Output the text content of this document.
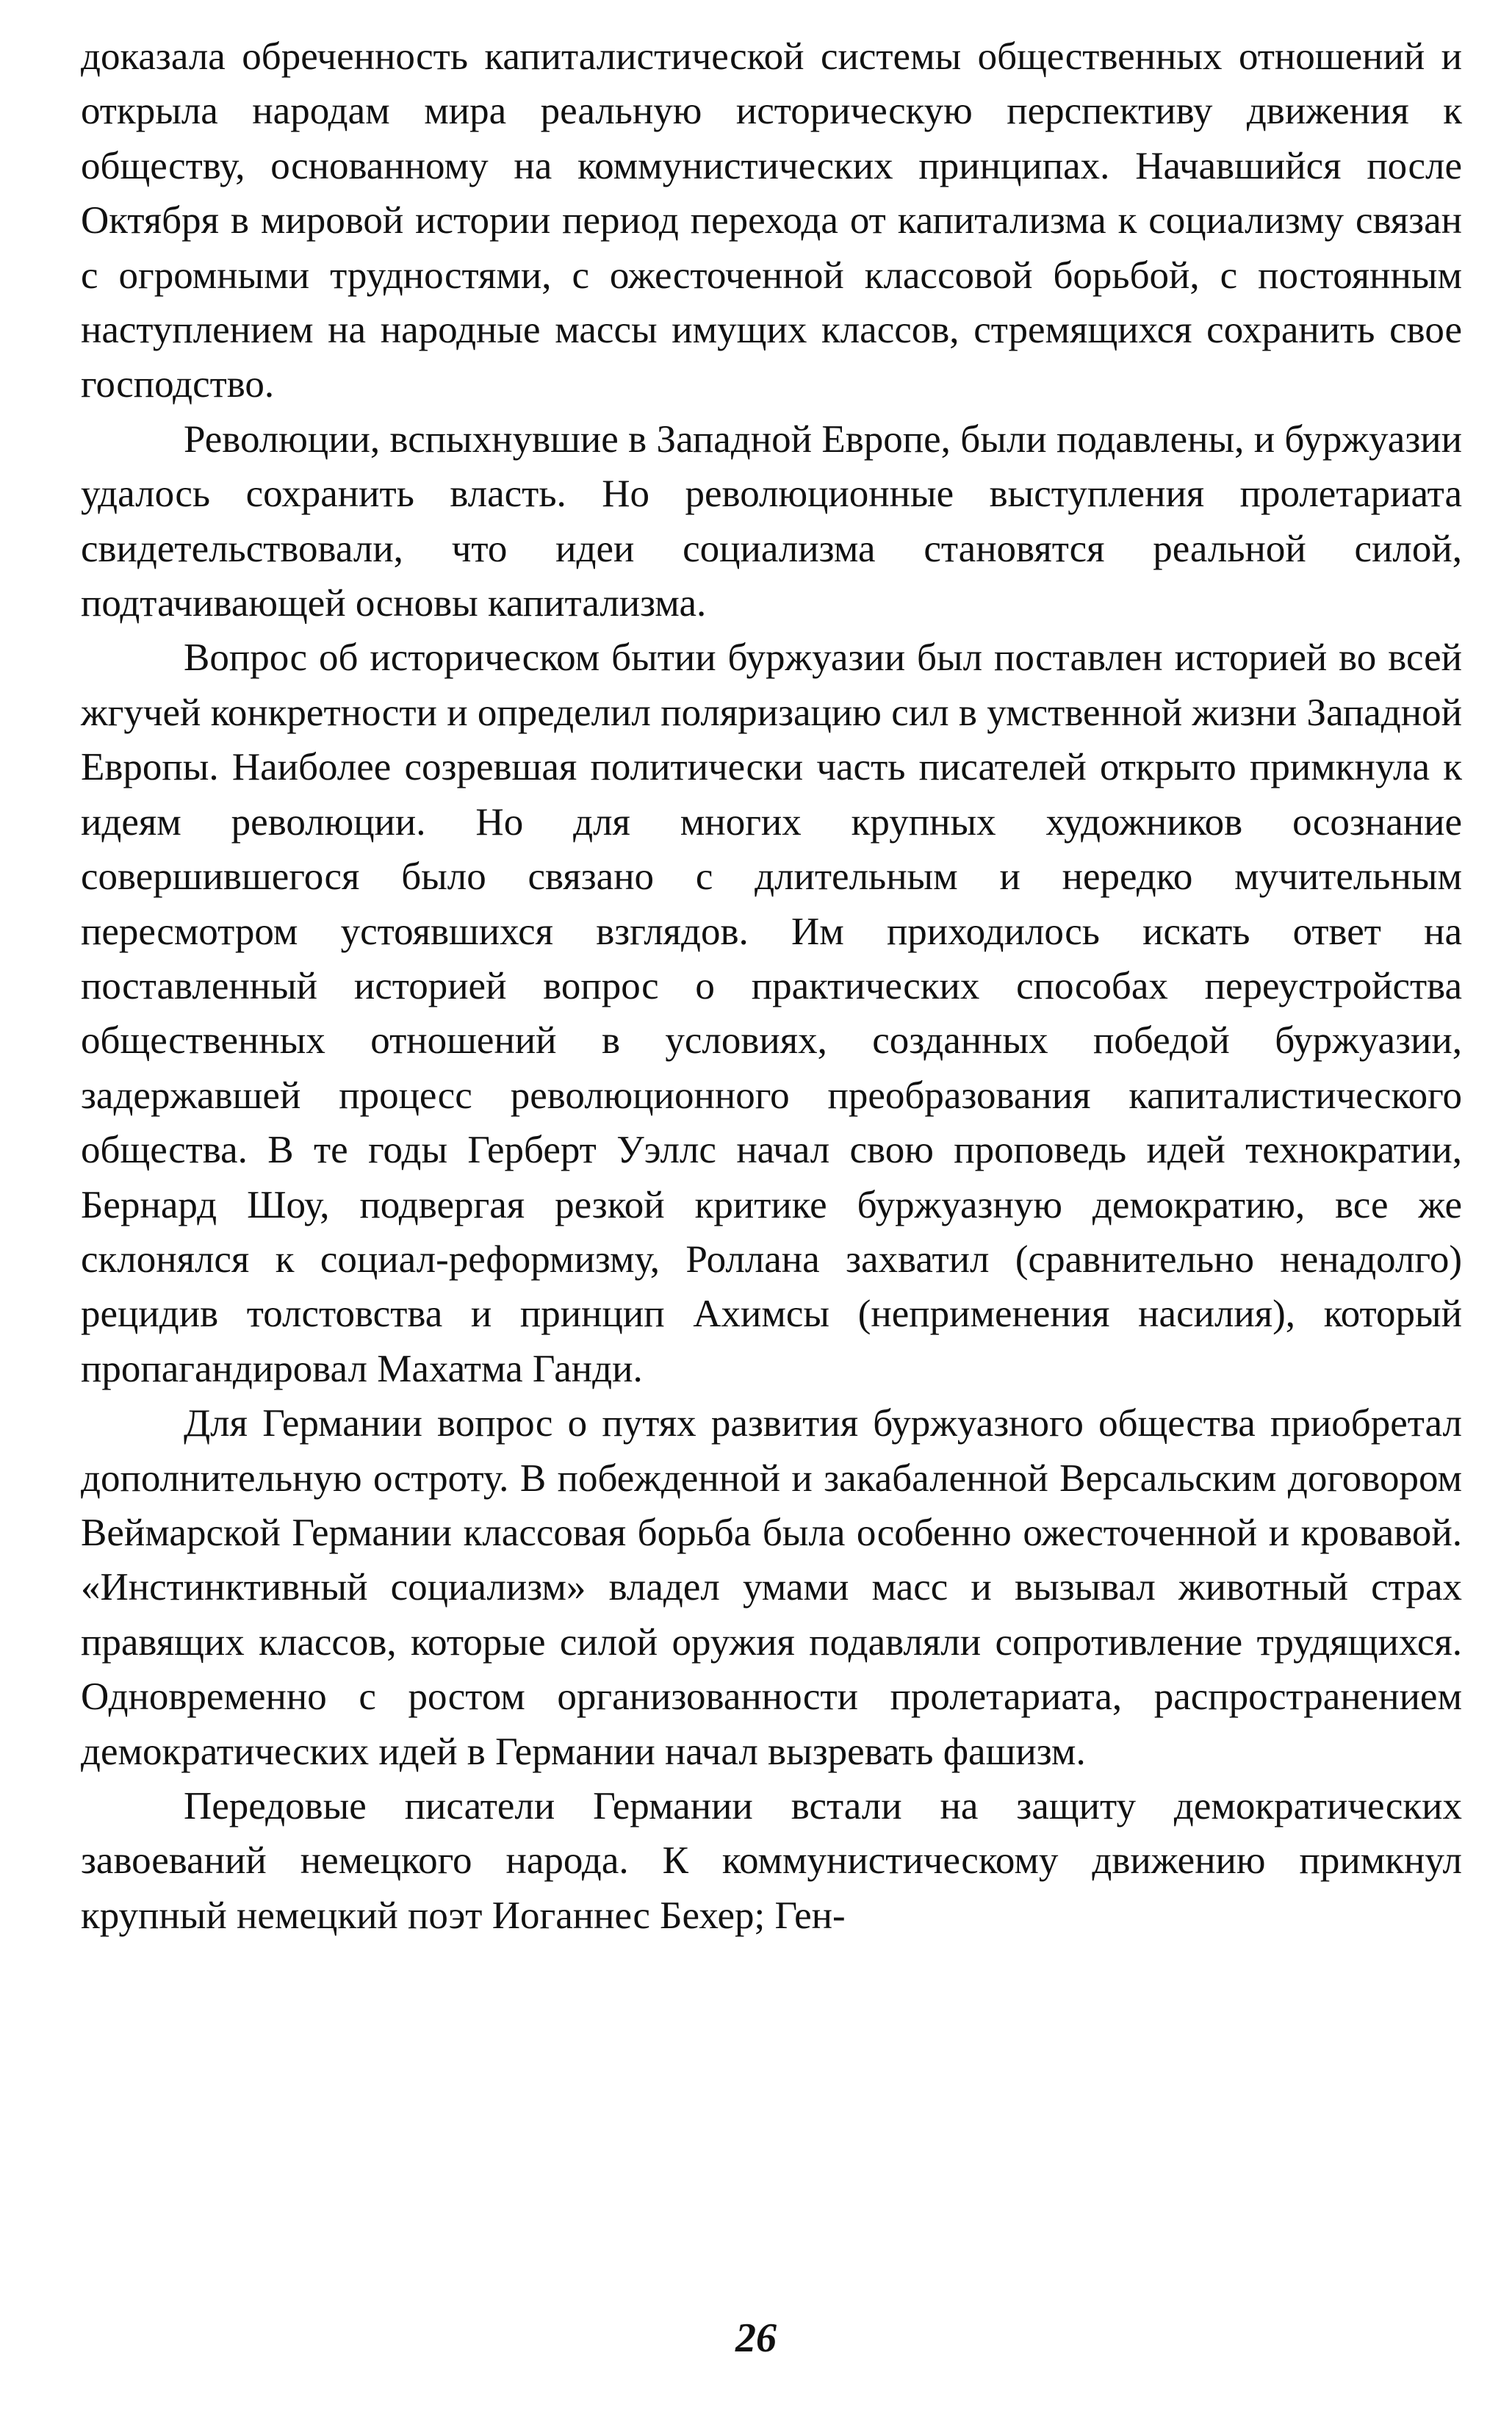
доказала обреченность капиталистической системы общественных отношений и открыла народам мира реальную историческую перспективу движения к обществу, основанному на коммунистических принципах. Начавшийся после Октября в мировой истории период перехода от капитализма к социализму связан с огромными трудностями, с ожесточенной классовой борьбой, с постоянным наступлением на народные массы имущих классов, стремящихся сохранить свое господство.

Революции, вспыхнувшие в Западной Европе, были подавлены, и буржуазии удалось сохранить власть. Но революционные выступления пролетариата свидетельствовали, что идеи социализма становятся реальной силой, подтачивающей основы капитализма.

Вопрос об историческом бытии буржуазии был поставлен историей во всей жгучей конкретности и определил поляризацию сил в умственной жизни Западной Европы. Наиболее созревшая политически часть писателей открыто примкнула к идеям революции. Но для многих крупных художников осознание совершившегося было связано с длительным и нередко мучительным пересмотром устоявшихся взглядов. Им приходилось искать ответ на поставленный историей вопрос о практических способах переустройства общественных отношений в условиях, созданных победой буржуазии, задержавшей процесс революционного преобразования капиталистического общества. В те годы Герберт Уэллс начал свою проповедь идей технократии, Бернард Шоу, подвергая резкой критике буржуазную демократию, все же склонялся к социал-реформизму, Роллана захватил (сравнительно ненадолго) рецидив толстовства и принцип Ахимсы (неприменения насилия), который пропагандировал Махатма Ганди.

Для Германии вопрос о путях развития буржуазного общества приобретал дополнительную остроту. В побежденной и закабаленной Версальским договором Веймарской Германии классовая борьба была особенно ожесточенной и кровавой. «Инстинктивный социализм» владел умами масс и вызывал животный страх правящих классов, которые силой оружия подавляли сопротивление трудящихся. Одновременно с ростом организованности пролетариата, распространением демократических идей в Германии начал вызревать фашизм.

Передовые писатели Германии встали на защиту демократических завоеваний немецкого народа. К коммунистическому движению примкнул крупный немецкий поэт Иоганнес Бехер; Ген-

26
